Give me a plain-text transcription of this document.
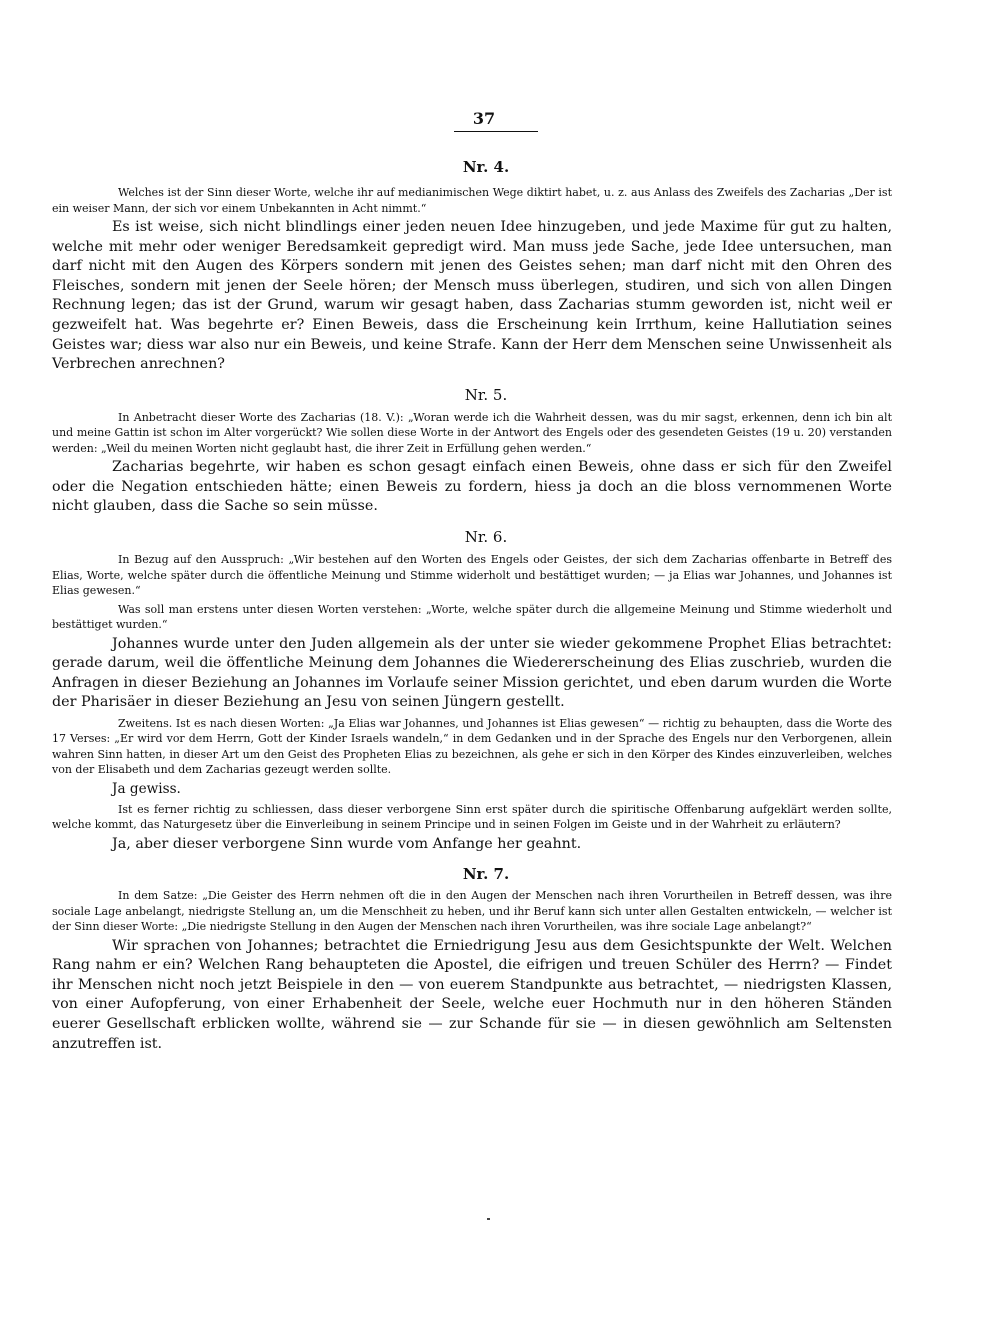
37
Nr. 4.

Welches ist der Sinn dieser Worte, welche ihr auf medianimischen Wege diktirt habet, u. z. aus Anlass des Zweifels des Zacharias „Der ist ein weiser Mann, der sich vor einem Unbekannten in Acht nimmt.“

Es ist weise, sich nicht blindlings einer jeden neuen Idee hinzugeben, und jede Maxime für gut zu halten, welche mit mehr oder weniger Beredsamkeit gepredigt wird. Man muss jede Sache, jede Idee untersuchen, man darf nicht mit den Augen des Körpers sondern mit jenen des Geistes sehen; man darf nicht mit den Ohren des Fleisches, sondern mit jenen der Seele hören; der Mensch muss überlegen, studiren, und sich von allen Dingen Rechnung legen; das ist der Grund, warum wir gesagt haben, dass Zacharias stumm geworden ist, nicht weil er gezweifelt hat. Was begehrte er? Einen Beweis, dass die Erscheinung kein Irrthum, keine Hallutiation seines Geistes war; diess war also nur ein Beweis, und keine Strafe. Kann der Herr dem Menschen seine Unwissenheit als Verbrechen anrechnen?

Nr. 5.

In Anbetracht dieser Worte des Zacharias (18. V.): „Woran werde ich die Wahrheit dessen, was du mir sagst, erkennen, denn ich bin alt und meine Gattin ist schon im Alter vorgerückt? Wie sollen diese Worte in der Antwort des Engels oder des gesendeten Geistes (19 u. 20) verstanden werden: „Weil du meinen Worten nicht geglaubt hast, die ihrer Zeit in Erfüllung gehen werden.“

Zacharias begehrte, wir haben es schon gesagt einfach einen Beweis, ohne dass er sich für den Zweifel oder die Negation entschieden hätte; einen Beweis zu fordern, hiess ja doch an die bloss vernommenen Worte nicht glauben, dass die Sache so sein müsse.

Nr. 6.

In Bezug auf den Ausspruch: „Wir bestehen auf den Worten des Engels oder Geistes, der sich dem Zacharias offenbarte in Betreff des Elias, Worte, welche später durch die öffentliche Meinung und Stimme widerholt und bestättiget wurden; — ja Elias war Johannes, und Johannes ist Elias gewesen.“

Was soll man erstens unter diesen Worten verstehen: „Worte, welche später durch die allgemeine Meinung und Stimme wiederholt und bestättiget wurden.“

Johannes wurde unter den Juden allgemein als der unter sie wieder gekommene Prophet Elias betrachtet: gerade darum, weil die öffentliche Meinung dem Johannes die Wiedererscheinung des Elias zuschrieb, wurden die Anfragen in dieser Beziehung an Johannes im Vorlaufe seiner Mission gerichtet, und eben darum wurden die Worte der Pharisäer in dieser Beziehung an Jesu von seinen Jüngern gestellt.

Zweitens. Ist es nach diesen Worten: „Ja Elias war Johannes, und Johannes ist Elias gewesen“ — richtig zu behaupten, dass die Worte des 17 Verses: „Er wird vor dem Herrn, Gott der Kinder Israels wandeln,“ in dem Gedanken und in der Sprache des Engels nur den Verborgenen, allein wahren Sinn hatten, in dieser Art um den Geist des Propheten Elias zu bezeichnen, als gehe er sich in den Körper des Kindes einzuverleiben, welches von der Elisabeth und dem Zacharias gezeugt werden sollte.

Ja gewiss.

Ist es ferner richtig zu schliessen, dass dieser verborgene Sinn erst später durch die spiritische Offenbarung aufgeklärt werden sollte, welche kommt, das Naturgesetz über die Einverleibung in seinem Principe und in seinen Folgen im Geiste und in der Wahrheit zu erläutern?

Ja, aber dieser verborgene Sinn wurde vom Anfange her geahnt.

Nr. 7.

In dem Satze: „Die Geister des Herrn nehmen oft die in den Augen der Menschen nach ihren Vorurtheilen in Betreff dessen, was ihre sociale Lage anbelangt, niedrigste Stellung an, um die Menschheit zu heben, und ihr Beruf kann sich unter allen Gestalten entwickeln, — welcher ist der Sinn dieser Worte: „Die niedrigste Stellung in den Augen der Menschen nach ihren Vorurtheilen, was ihre sociale Lage anbelangt?“

Wir sprachen von Johannes; betrachtet die Erniedrigung Jesu aus dem Gesichtspunkte der Welt. Welchen Rang nahm er ein? Welchen Rang behaupteten die Apostel, die eifrigen und treuen Schüler des Herrn? — Findet ihr Menschen nicht noch jetzt Beispiele in den — von euerem Standpunkte aus betrachtet, — niedrigsten Klassen, von einer Aufopferung, von einer Erhabenheit der Seele, welche euer Hochmuth nur in den höheren Ständen euerer Gesellschaft erblicken wollte, während sie — zur Schande für sie — in diesen gewöhnlich am Seltensten anzutreffen ist.
